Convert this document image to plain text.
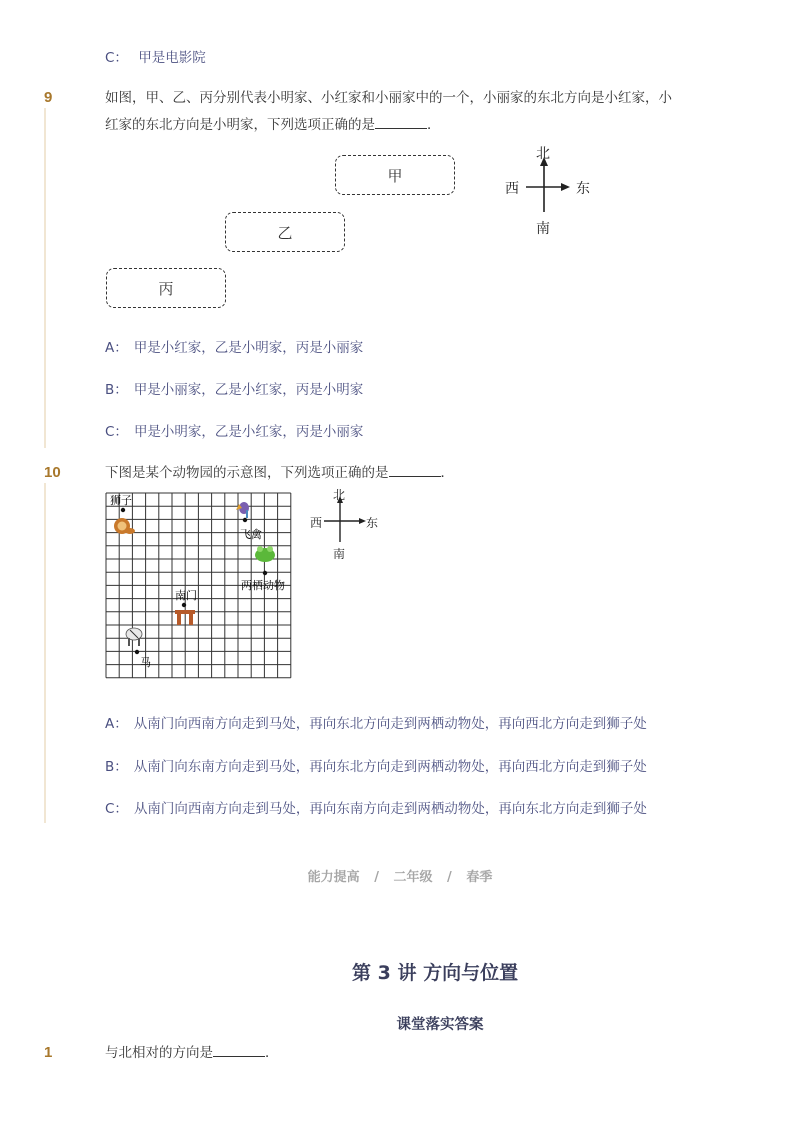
C： 甲是电影院
9	如图，甲、乙、丙分别代表小明家、小红家和小丽家中的一个，小丽家的东北方向是小红家，小
红家的东北方向是小明家，下列选项正确的是	．
甲
乙
丙
北
南
东
西
A： 甲是小红家，乙是小明家，丙是小丽家
B： 甲是小丽家，乙是小红家，丙是小明家
C： 甲是小明家，乙是小红家，丙是小丽家
10	下图是某个动物园的示意图，下列选项正确的是	．
狮子
飞禽
两栖动物
南门
马
北
南
东
西
A： 从南门向西南方向走到马处，再向东北方向走到两栖动物处，再向西北方向走到狮子处
B： 从南门向东南方向走到马处，再向东北方向走到两栖动物处，再向西北方向走到狮子处
C： 从南门向西南方向走到马处，再向东南方向走到两栖动物处，再向东北方向走到狮子处
能力提高 / 二年级 / 春季
第 3 讲 方向与位置
课堂落实答案
1	与北相对的方向是	．
